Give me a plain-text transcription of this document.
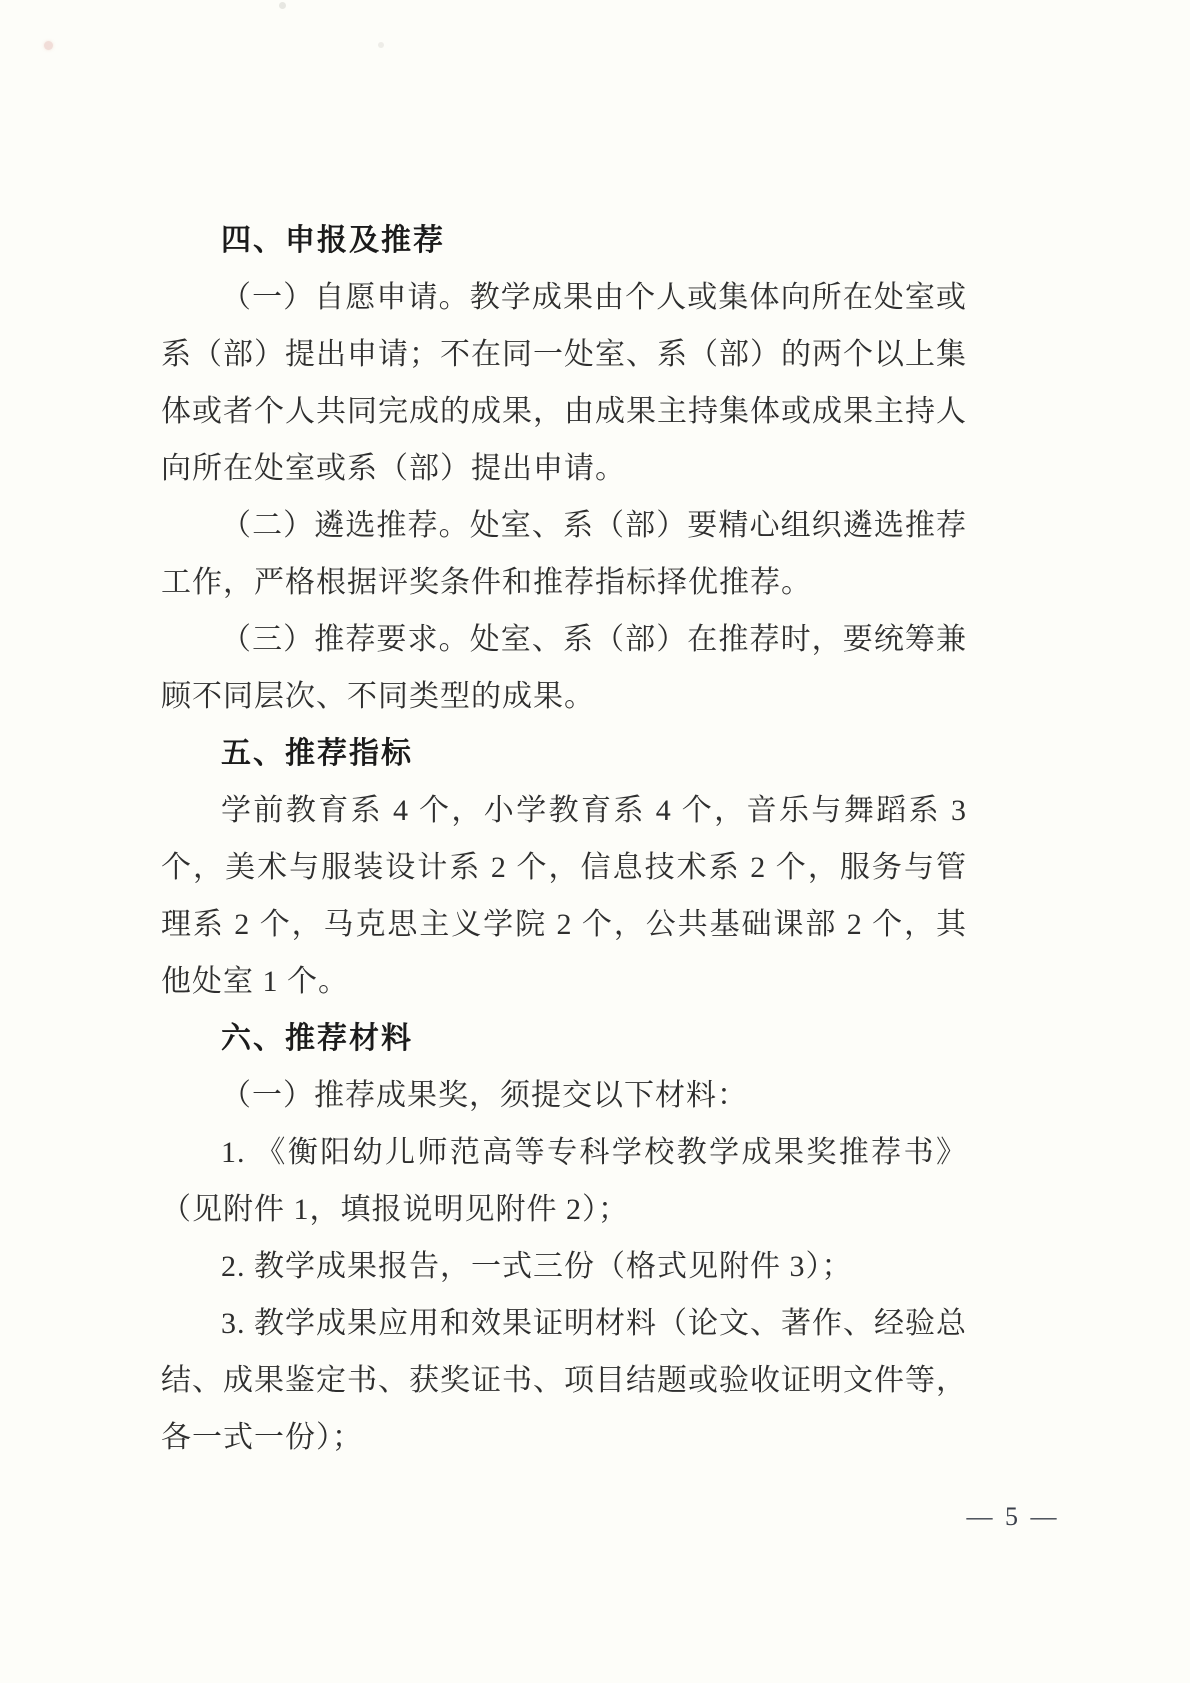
四、申报及推荐

（一）自愿申请。教学成果由个人或集体向所在处室或系（部）提出申请；不在同一处室、系（部）的两个以上集体或者个人共同完成的成果，由成果主持集体或成果主持人向所在处室或系（部）提出申请。

（二）遴选推荐。处室、系（部）要精心组织遴选推荐工作，严格根据评奖条件和推荐指标择优推荐。

（三）推荐要求。处室、系（部）在推荐时，要统筹兼顾不同层次、不同类型的成果。

五、推荐指标

学前教育系 4 个，小学教育系 4 个，音乐与舞蹈系 3 个，美术与服装设计系 2 个，信息技术系 2 个，服务与管理系 2 个，马克思主义学院 2 个，公共基础课部 2 个，其他处室 1 个。

六、推荐材料

（一）推荐成果奖，须提交以下材料：

1. 《衡阳幼儿师范高等专科学校教学成果奖推荐书》（见附件 1，填报说明见附件 2）；

2. 教学成果报告，一式三份（格式见附件 3）；

3. 教学成果应用和效果证明材料（论文、著作、经验总结、成果鉴定书、获奖证书、项目结题或验收证明文件等，各一式一份）；

— 5 —
